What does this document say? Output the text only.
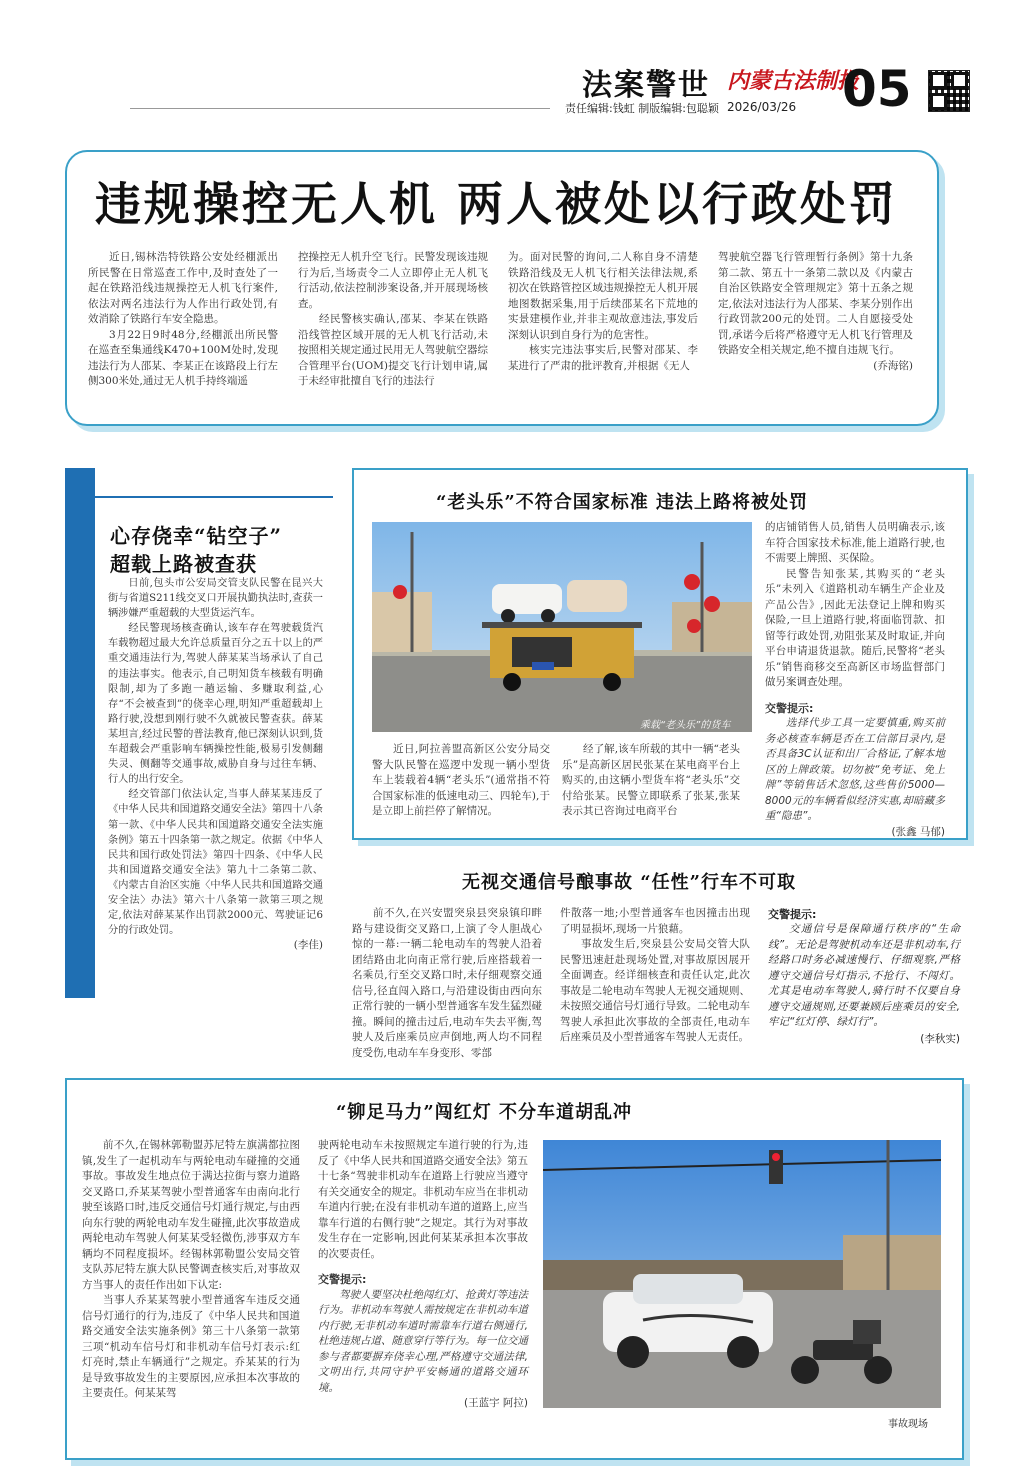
法案警世 内蒙古法制报
05
责任编辑:钱虹 制版编辑:包聪颖 2026/03/26
违规操控无人机 两人被处以行政处罚

近日,锡林浩特铁路公安处经棚派出所民警在日常巡查工作中,及时查处了一起在铁路沿线违规操控无人机飞行案件,依法对两名违法行为人作出行政处罚,有效消除了铁路行车安全隐患。

3月22日9时48分,经棚派出所民警在巡查至集通线K470+100M处时,发现违法行为人邵某、李某正在该路段上行左侧300米处,通过无人机手持终端遥

控操控无人机升空飞行。民警发现该违规行为后,当场责令二人立即停止无人机飞行活动,依法控制涉案设备,并开展现场核查。

经民警核实确认,邵某、李某在铁路沿线管控区域开展的无人机飞行活动,未按照相关规定通过民用无人驾驶航空器综合管理平台(UOM)提交飞行计划申请,属于未经审批擅自飞行的违法行

为。面对民警的询问,二人称自身不清楚铁路沿线及无人机飞行相关法律法规,系初次在铁路管控区域违规操控无人机开展地图数据采集,用于后续邵某名下荒地的实景建模作业,并非主观故意违法,事发后深刻认识到自身行为的危害性。

核实完违法事实后,民警对邵某、李某进行了严肃的批评教育,并根据《无人

驾驶航空器飞行管理暂行条例》第十九条第二款、第五十一条第二款以及《内蒙古自治区铁路安全管理规定》第十五条之规定,依法对违法行为人邵某、李某分别作出行政罚款200元的处罚。二人自愿接受处罚,承诺今后将严格遵守无人机飞行管理及铁路安全相关规定,绝不擅自违规飞行。

(乔海铭)
心存侥幸“钻空子”
超载上路被查获

日前,包头市公安局交管支队民警在昆兴大街与省道S211线交叉口开展执勤执法时,查获一辆涉嫌严重超载的大型货运汽车。

经民警现场核查确认,该车存在驾驶载货汽车载物超过最大允许总质量百分之五十以上的严重交通违法行为,驾驶人薛某某当场承认了自己的违法事实。他表示,自己明知货车核载有明确限制,却为了多跑一趟运输、多赚取利益,心存“不会被查到”的侥幸心理,明知严重超载却上路行驶,没想到刚行驶不久就被民警查获。薛某某坦言,经过民警的普法教育,他已深刻认识到,货车超载会严重影响车辆操控性能,极易引发侧翻失灵、侧翻等交通事故,威胁自身与过往车辆、行人的出行安全。

经交管部门依法认定,当事人薛某某违反了《中华人民共和国道路交通安全法》第四十八条第一款、《中华人民共和国道路交通安全法实施条例》第五十四条第一款之规定。依据《中华人民共和国行政处罚法》第四十四条、《中华人民共和国道路交通安全法》第九十二条第二款、《内蒙古自治区实施〈中华人民共和国道路交通安全法〉办法》第六十八条第一款第三项之规定,依法对薛某某作出罚款2000元、驾驶证记6分的行政处罚。

(李佳)
“老头乐”不符合国家标准 违法上路将被处罚
乘载“老头乐”的货车

近日,阿拉善盟高新区公安分局交警大队民警在巡逻中发现一辆小型货车上装载着4辆“老头乐”(通常指不符合国家标准的低速电动三、四轮车),于是立即上前拦停了解情况。

经了解,该车所载的其中一辆“老头乐”是高新区居民张某在某电商平台上购买的,由这辆小型货车将“老头乐”交付给张某。民警立即联系了张某,张某表示其已咨询过电商平台

的店铺销售人员,销售人员明确表示,该车符合国家技术标准,能上道路行驶,也不需要上牌照、买保险。

民警告知张某,其购买的“老头乐”未列入《道路机动车辆生产企业及产品公告》,因此无法登记上牌和购买保险,一旦上道路行驶,将面临罚款、扣留等行政处罚,劝阻张某及时取证,并向平台申请退货退款。随后,民警将“老头乐”销售商移交至高新区市场监督部门做另案调查处理。

交警提示:
选择代步工具一定要慎重,购买前务必核查车辆是否在工信部目录内,是否具备3C认证和出厂合格证,了解本地区的上牌政策。切勿被“免考证、免上牌”等销售话术忽悠,这些售价5000—8000元的车辆看似经济实惠,却暗藏多重“隐患”。
(张鑫 马郁)
无视交通信号酿事故 “任性”行车不可取

前不久,在兴安盟突泉县突泉镇印畔路与建设街交叉路口,上演了令人胆战心惊的一幕:一辆二轮电动车的驾驶人沿着团结路由北向南正常行驶,后座搭载着一名乘员,行至交叉路口时,未仔细观察交通信号,径直闯入路口,与沿建设街由西向东正常行驶的一辆小型普通客车发生猛烈碰撞。瞬间的撞击过后,电动车失去平衡,驾驶人及后座乘员应声倒地,两人均不同程度受伤,电动车车身变形、零部

件散落一地;小型普通客车也因撞击出现了明显损坏,现场一片狼藉。

事故发生后,突泉县公安局交管大队民警迅速赶赴现场处置,对事故原因展开全面调查。经详细核查和责任认定,此次事故是二轮电动车驾驶人无视交通规则、未按照交通信号灯通行导致。二轮电动车驾驶人承担此次事故的全部责任,电动车后座乘员及小型普通客车驾驶人无责任。

交警提示:
交通信号是保障通行秩序的“生命线”。无论是驾驶机动车还是非机动车,行经路口时务必减速慢行、仔细观察,严格遵守交通信号灯指示,不抢行、不闯灯。尤其是电动车驾驶人,骑行时不仅要自身遵守交通规则,还要兼顾后座乘员的安全,牢记“红灯停、绿灯行”。
(李秋实)
“铆足马力”闯红灯 不分车道胡乱冲

前不久,在锡林郭勒盟苏尼特左旗满都拉图镇,发生了一起机动车与两轮电动车碰撞的交通事故。事故发生地点位于满达拉街与察力道路交叉路口,乔某某驾驶小型普通客车由南向北行驶至该路口时,违反交通信号灯通行规定,与由西向东行驶的两轮电动车发生碰撞,此次事故造成两轮电动车驾驶人何某某受轻微伤,涉事双方车辆均不同程度损坏。经锡林郭勒盟公安局交管支队苏尼特左旗大队民警调查核实后,对事故双方当事人的责任作出如下认定:

当事人乔某某驾驶小型普通客车违反交通信号灯通行的行为,违反了《中华人民共和国道路交通安全法实施条例》第三十八条第一款第三项“机动车信号灯和非机动车信号灯表示:红灯亮时,禁止车辆通行”之规定。乔某某的行为是导致事故发生的主要原因,应承担本次事故的主要责任。何某某驾

驶两轮电动车未按照规定车道行驶的行为,违反了《中华人民共和国道路交通安全法》第五十七条“驾驶非机动车在道路上行驶应当遵守有关交通安全的规定。非机动车应当在非机动车道内行驶;在没有非机动车道的道路上,应当靠车行道的右侧行驶”之规定。其行为对事故发生存在一定影响,因此何某某承担本次事故的次要责任。

交警提示:
驾驶人要坚决杜绝闯红灯、抢黄灯等违法行为。非机动车驾驶人需按规定在非机动车道内行驶,无非机动车道时需靠车行道右侧通行,杜绝违规占道、随意穿行等行为。每一位交通参与者都要摒弃侥幸心理,严格遵守交通法律,文明出行,共同守护平安畅通的道路交通环境。
(王蓝宇 阿拉)
事故现场
